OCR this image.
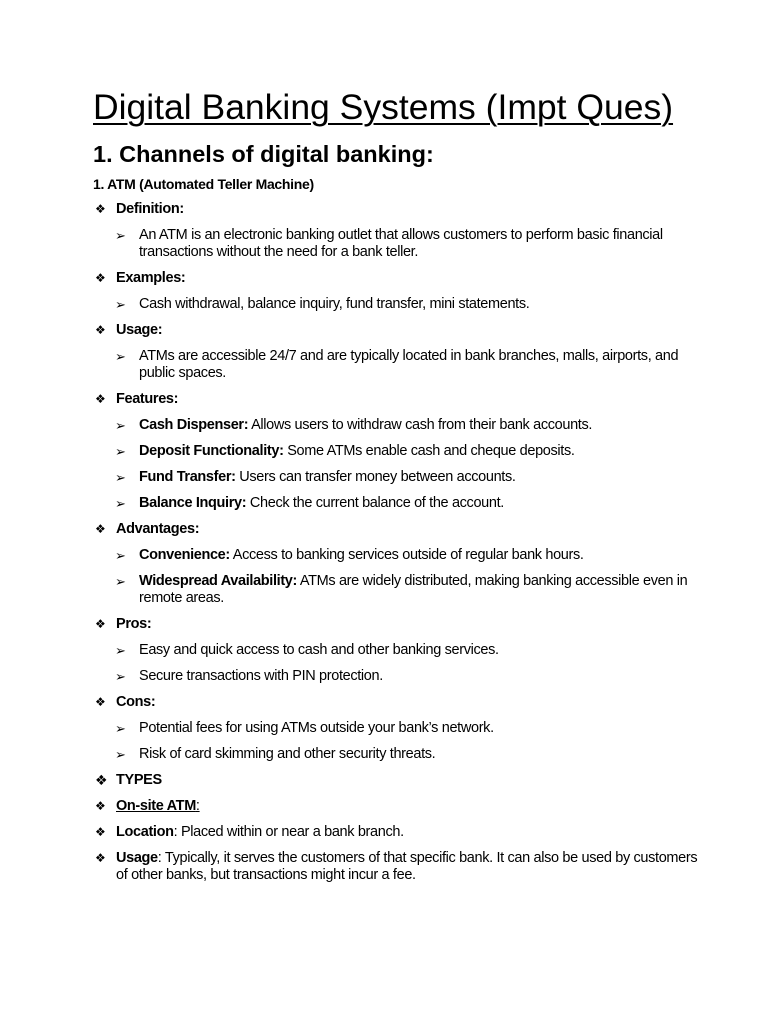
Digital Banking Systems (Impt Ques)
1. Channels of digital banking:
1. ATM (Automated Teller Machine)
❖ Definition:
➢ An ATM is an electronic banking outlet that allows customers to perform basic financial transactions without the need for a bank teller.
❖ Examples:
➢ Cash withdrawal, balance inquiry, fund transfer, mini statements.
❖ Usage:
➢ ATMs are accessible 24/7 and are typically located in bank branches, malls, airports, and public spaces.
❖ Features:
➢ Cash Dispenser: Allows users to withdraw cash from their bank accounts.
➢ Deposit Functionality: Some ATMs enable cash and cheque deposits.
➢ Fund Transfer: Users can transfer money between accounts.
➢ Balance Inquiry: Check the current balance of the account.
❖ Advantages:
➢ Convenience: Access to banking services outside of regular bank hours.
➢ Widespread Availability: ATMs are widely distributed, making banking accessible even in remote areas.
❖ Pros:
➢ Easy and quick access to cash and other banking services.
➢ Secure transactions with PIN protection.
❖ Cons:
➢ Potential fees for using ATMs outside your bank’s network.
➢ Risk of card skimming and other security threats.
❖ TYPES
❖ On-site ATM:
❖ Location: Placed within or near a bank branch.
❖ Usage: Typically, it serves the customers of that specific bank. It can also be used by customers of other banks, but transactions might incur a fee.
